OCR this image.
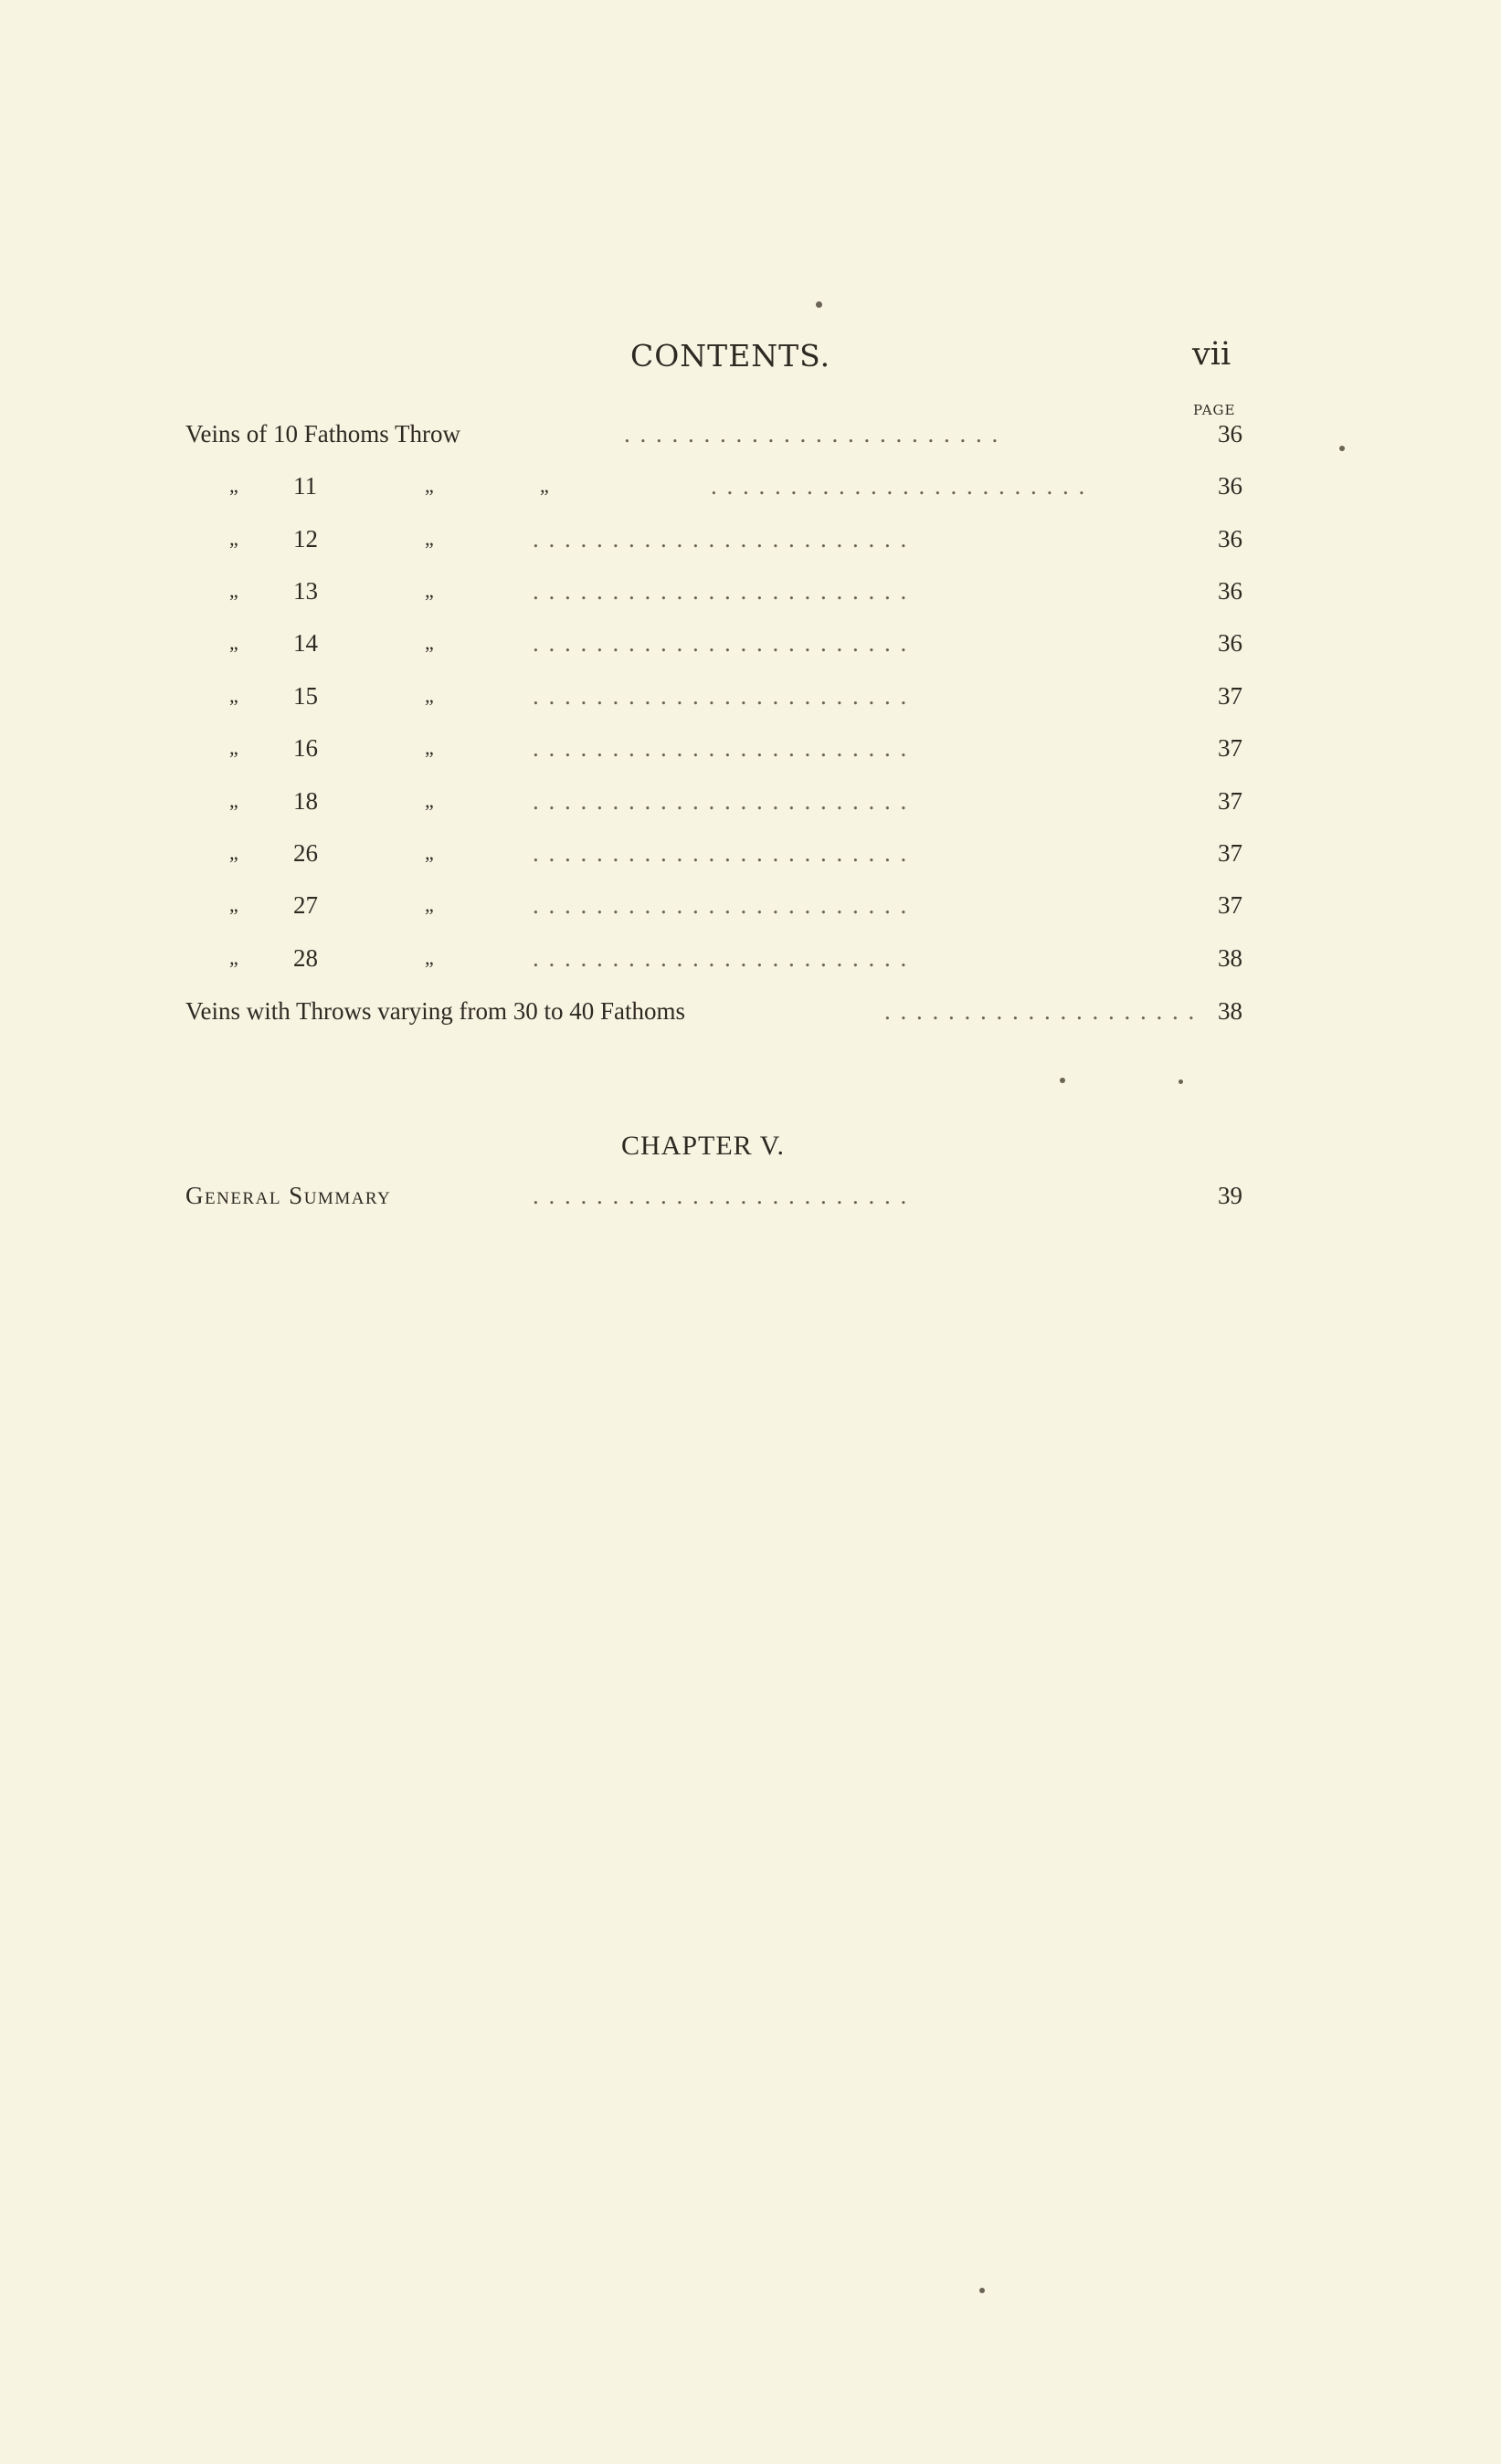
CONTENTS.	vii
PAGE
Veins of 10 Fathoms Throw	. . . . . . . . . . . . . . . . . . . . . . . .	36
„ 11	„	„	. . . . . . . . . . . . . . . . . . . . . . . .	36
„ 12	„	. . . . . . . . . . . . . . . . . . . . . . . .	36
„ 13	„	. . . . . . . . . . . . . . . . . . . . . . . .	36
„ 14	„	. . . . . . . . . . . . . . . . . . . . . . . .	36
„ 15	„	. . . . . . . . . . . . . . . . . . . . . . . .	37
„ 16	„	. . . . . . . . . . . . . . . . . . . . . . . .	37
„ 18	„	. . . . . . . . . . . . . . . . . . . . . . . .	37
„ 26	„	. . . . . . . . . . . . . . . . . . . . . . . .	37
„ 27	„	. . . . . . . . . . . . . . . . . . . . . . . .	37
„ 28	„	. . . . . . . . . . . . . . . . . . . . . . . .	38
Veins with Throws varying from 30 to 40 Fathoms	. . . . . . . . . . . . . . . . . . . . 38
CHAPTER V.
General Summary	. . . . . . . . . . . . . . . . . . . . . . . .	39
